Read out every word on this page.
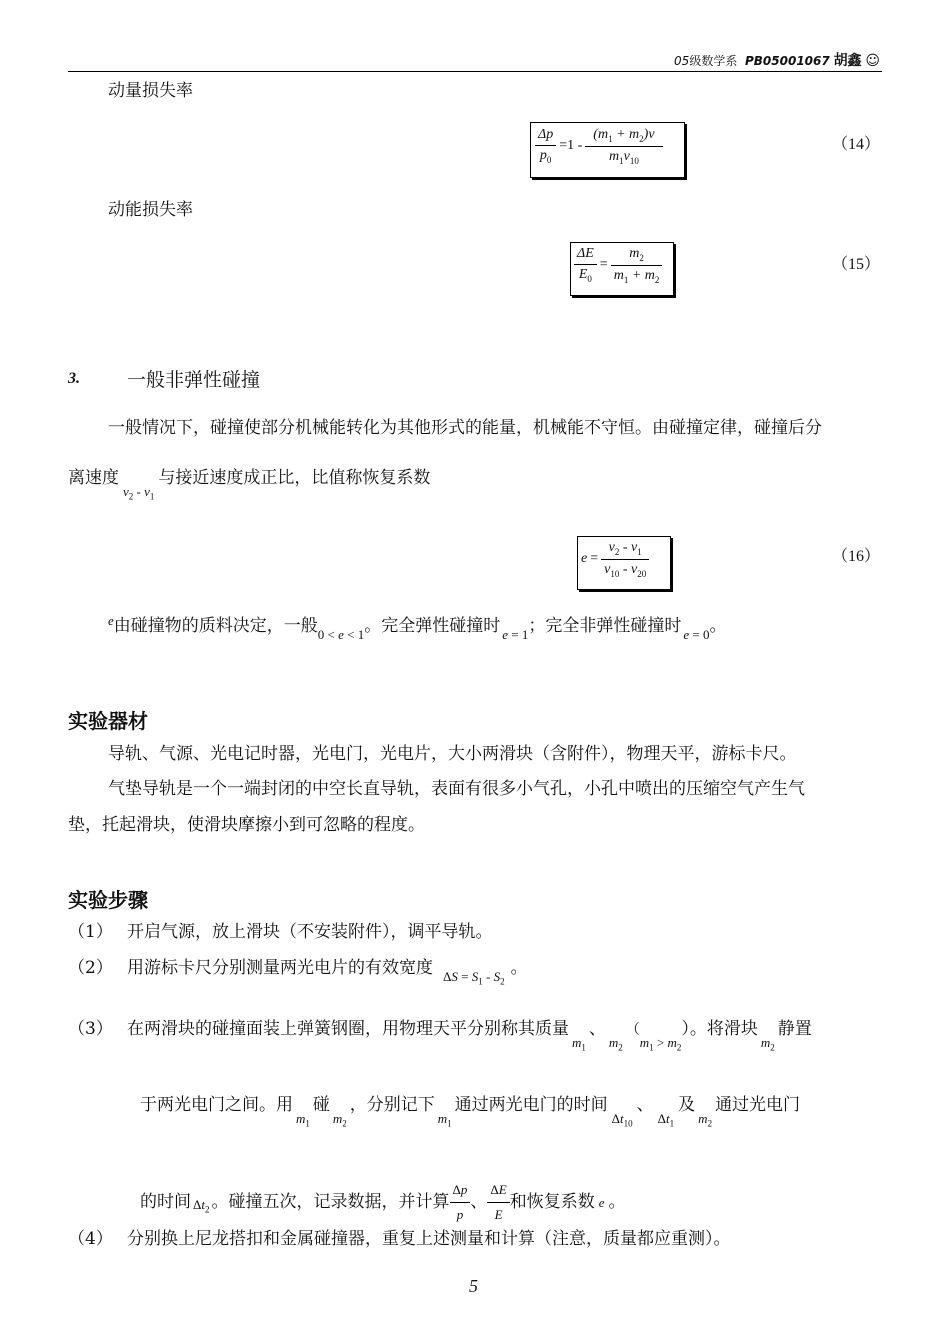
05级数学系 PB05001067 胡鑫 ☺
动量损失率
$\frac{\Delta p}{p_0} =1 - \frac{(m_1 + m_2)v}{m_1v_{10}}$	（14）
动能损失率
$\frac{\Delta E}{E_0} = \frac{m_2}{m_1 + m_2}$	（15）
3. 一般非弹性碰撞
一般情况下，碰撞使部分机械能转化为其他形式的能量，机械能不守恒。由碰撞定律，碰撞后分
离速度$_{v_2 - v_1}$与接近速度成正比，比值称恢复系数
$e = \frac{v_2 - v_1}{v_{10} - v_{20}}$	（16）
$^e$由碰撞物的质料决定，一般$_{0 < e < 1}$。完全弹性碰撞时 $_{e = 1}$；完全非弹性碰撞时 $_{e = 0}$。
实验器材
导轨、气源、光电记时器，光电门，光电片，大小两滑块（含附件），物理天平，游标卡尺。
气垫导轨是一个一端封闭的中空长直导轨，表面有很多小气孔，小孔中喷出的压缩空气产生气
垫，托起滑块，使滑块摩擦小到可忽略的程度。
实验步骤
（1） 开启气源，放上滑块（不安装附件），调平导轨。
（2） 用游标卡尺分别测量两光电片的有效宽度 $_{\Delta S = S_1 - S_2}$。
（3） 在两滑块的碰撞面装上弹簧钢圈，用物理天平分别称其质量$_{m_1}$、$_{m_2}(_{m_1 > m_2})$。将滑块$_{m_2}$静置
于两光电门之间。用$_{m_1}$碰$_{m_2}$，分别记下$_{m_1}$通过两光电门的时间$_{\Delta t_{10}}$、$_{\Delta t_1}$及$_{m_2}$通过光电门
的时间 $\Delta t_2$ 。碰撞五次，记录数据，并计算 $\frac{\Delta p}{p}$ 、 $\frac{\Delta E}{E}$ 和恢复系数 e 。
（4） 分别换上尼龙搭扣和金属碰撞器，重复上述测量和计算（注意，质量都应重测）。
5
